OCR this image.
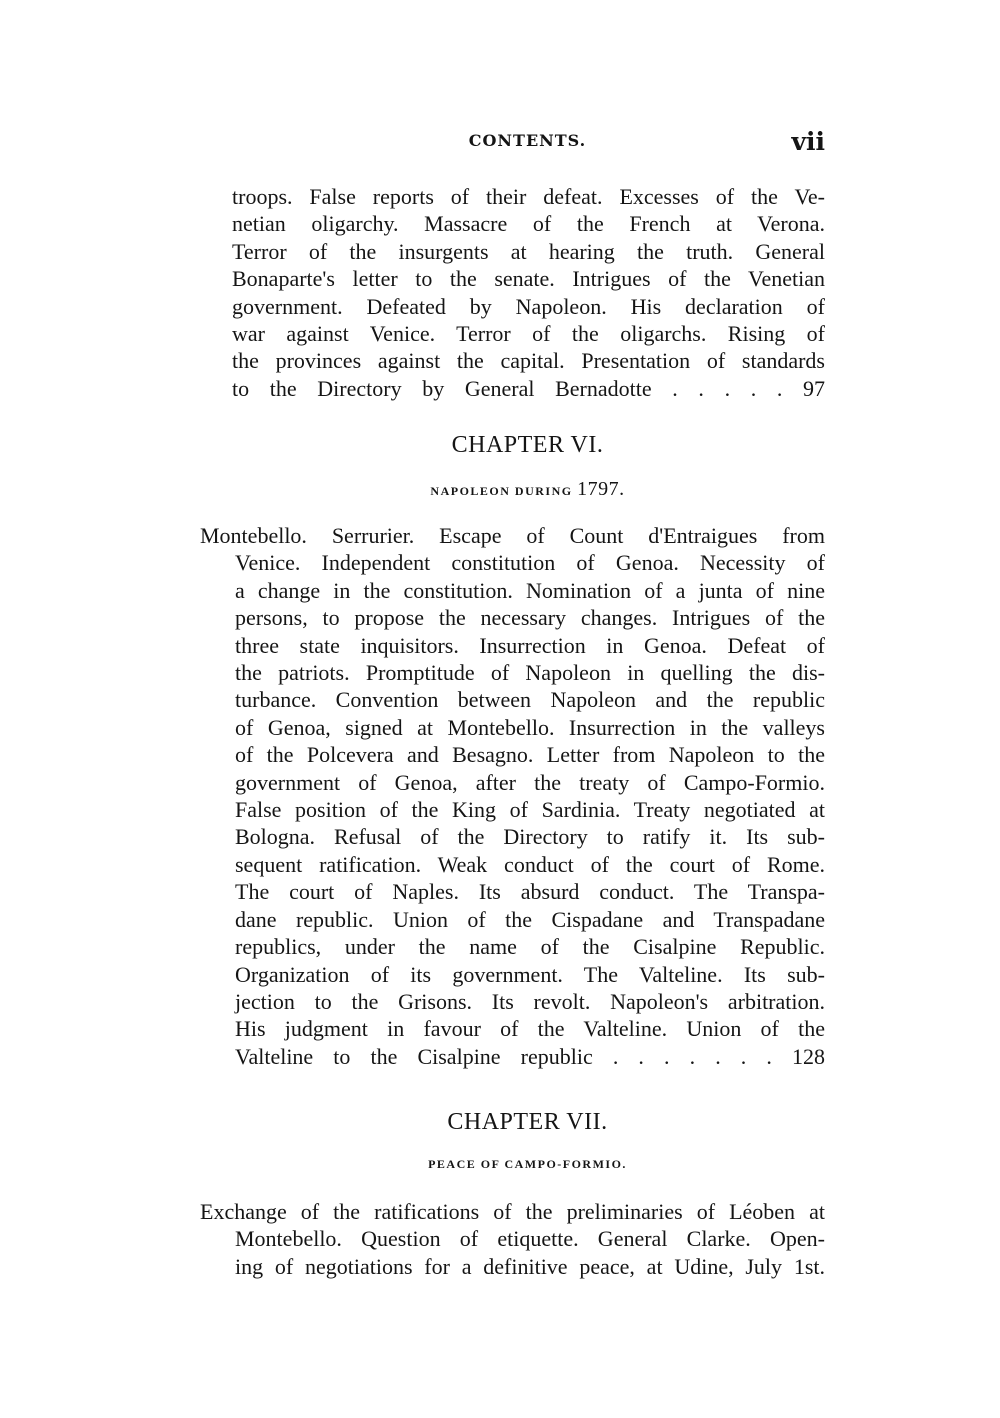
CONTENTS.	vii
troops. False reports of their defeat. Excesses of the Ve-
netian oligarchy. Massacre of the French at Verona.
Terror of the insurgents at hearing the truth. General
Bonaparte's letter to the senate. Intrigues of the Venetian
government. Defeated by Napoleon. His declaration of
war against Venice. Terror of the oligarchs. Rising of
the provinces against the capital. Presentation of standards
to the Directory by General Bernadotte . . . . . 97
CHAPTER VI.
NAPOLEON DURING 1797.
Montebello. Serrurier. Escape of Count d'Entraigues from
Venice. Independent constitution of Genoa. Necessity of
a change in the constitution. Nomination of a junta of nine
persons, to propose the necessary changes. Intrigues of the
three state inquisitors. Insurrection in Genoa. Defeat of
the patriots. Promptitude of Napoleon in quelling the dis-
turbance. Convention between Napoleon and the republic
of Genoa, signed at Montebello. Insurrection in the valleys
of the Polcevera and Besagno. Letter from Napoleon to the
government of Genoa, after the treaty of Campo-Formio.
False position of the King of Sardinia. Treaty negotiated at
Bologna. Refusal of the Directory to ratify it. Its sub-
sequent ratification. Weak conduct of the court of Rome.
The court of Naples. Its absurd conduct. The Transpa-
dane republic. Union of the Cispadane and Transpadane
republics, under the name of the Cisalpine Republic.
Organization of its government. The Valteline. Its sub-
jection to the Grisons. Its revolt. Napoleon's arbitration.
His judgment in favour of the Valteline. Union of the
Valteline to the Cisalpine republic . . . . . . . 128
CHAPTER VII.
PEACE OF CAMPO-FORMIO.
Exchange of the ratifications of the preliminaries of Léoben at
Montebello. Question of etiquette. General Clarke. Open-
ing of negotiations for a definitive peace, at Udine, July 1st.
